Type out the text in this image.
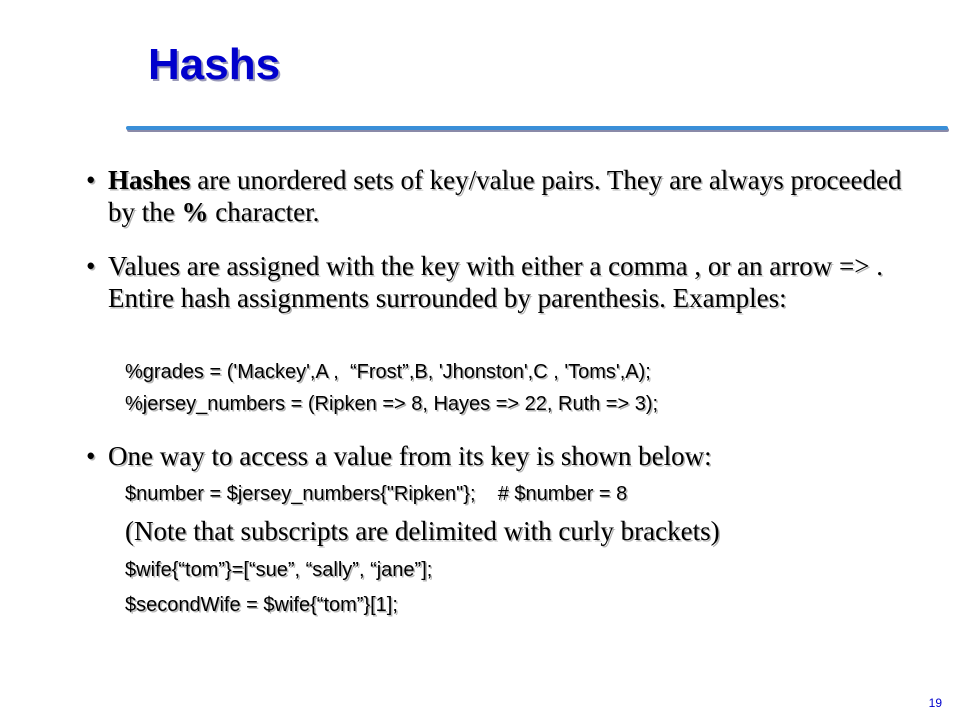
Hashs
• Hashes are unordered sets of key/value pairs. They are always proceeded by the % character.
• Values are assigned with the key with either a comma , or an arrow => . Entire hash assignments surrounded by parenthesis. Examples:
%grades = ('Mackey',A ,  “Frost”,B, 'Jhonston',C , 'Toms',A);
%jersey_numbers = (Ripken => 8, Hayes => 22, Ruth => 3);
• One way to access a value from its key is shown below:
$number = $jersey_numbers{"Ripken"};    # $number = 8
(Note that subscripts are delimited with curly brackets)
$wife{“tom”}=[“sue”, “sally”, “jane”];
$secondWife = $wife{“tom”}[1];
19
